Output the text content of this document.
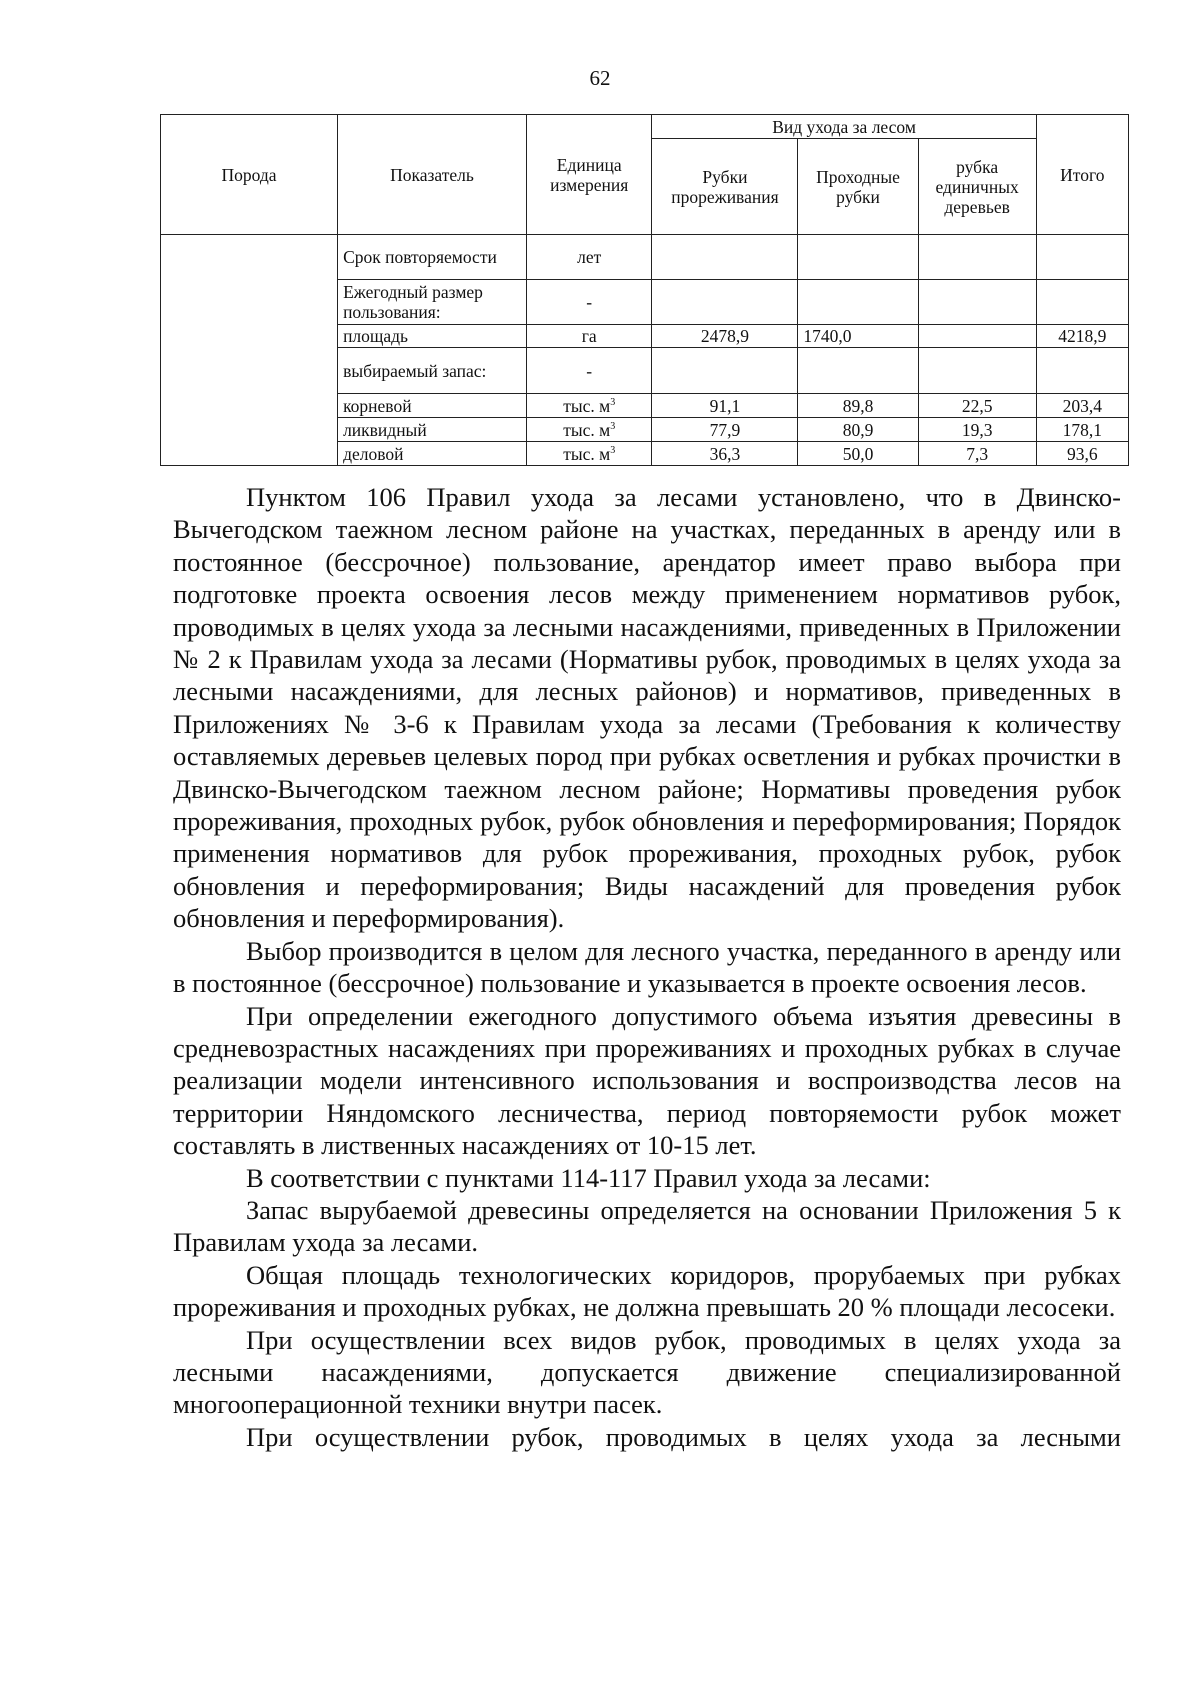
62
Порода	Показатель	Единица измерения	Вид ухода за лесом			Итого
			Рубки прореживания	Проходные рубки	рубка единичных деревьев	
	Срок повторяемости	лет				
	Ежегодный размер пользования:	-				
	площадь	га	2478,9	1740,0		4218,9
	выбираемый запас:	-				
	корневой	тыс. $м^3$	91,1	89,8	22,5	203,4
	ликвидный	тыс. $м^3$	77,9	80,9	19,3	178,1
	деловой	тыс. $м^3$	36,3	50,0	7,3	93,6

Пунктом 106 Правил ухода за лесами установлено, что в Двинско-Вычегодском таежном лесном районе на участках, переданных в аренду или в постоянное (бессрочное) пользование, арендатор имеет право выбора при подготовке проекта освоения лесов между применением нормативов рубок, проводимых в целях ухода за лесными насаждениями, приведенных в Приложении № 2 к Правилам ухода за лесами (Нормативы рубок, проводимых в целях ухода за лесными насаждениями, для лесных районов) и нормативов, приведенных в Приложениях № 3-6 к Правилам ухода за лесами (Требования к количеству оставляемых деревьев целевых пород при рубках осветления и рубках прочистки в Двинско-Вычегодском таежном лесном районе; Нормативы проведения рубок прореживания, проходных рубок, рубок обновления и переформирования; Порядок применения нормативов для рубок прореживания, проходных рубок, рубок обновления и переформирования; Виды насаждений для проведения рубок обновления и переформирования).

Выбор производится в целом для лесного участка, переданного в аренду или в постоянное (бессрочное) пользование и указывается в проекте освоения лесов.

При определении ежегодного допустимого объема изъятия древесины в средневозрастных насаждениях при прореживаниях и проходных рубках в случае реализации модели интенсивного использования и воспроизводства лесов на территории Няндомского лесничества, период повторяемости рубок может составлять в лиственных насаждениях от 10-15 лет.

В соответствии с пунктами 114-117 Правил ухода за лесами:

Запас вырубаемой древесины определяется на основании Приложения 5 к Правилам ухода за лесами.

Общая площадь технологических коридоров, прорубаемых при рубках прореживания и проходных рубках, не должна превышать 20 % площади лесосеки.

При осуществлении всех видов рубок, проводимых в целях ухода за лесными насаждениями, допускается движение специализированной многооперационной техники внутри пасек.

При осуществлении рубок, проводимых в целях ухода за лесными
